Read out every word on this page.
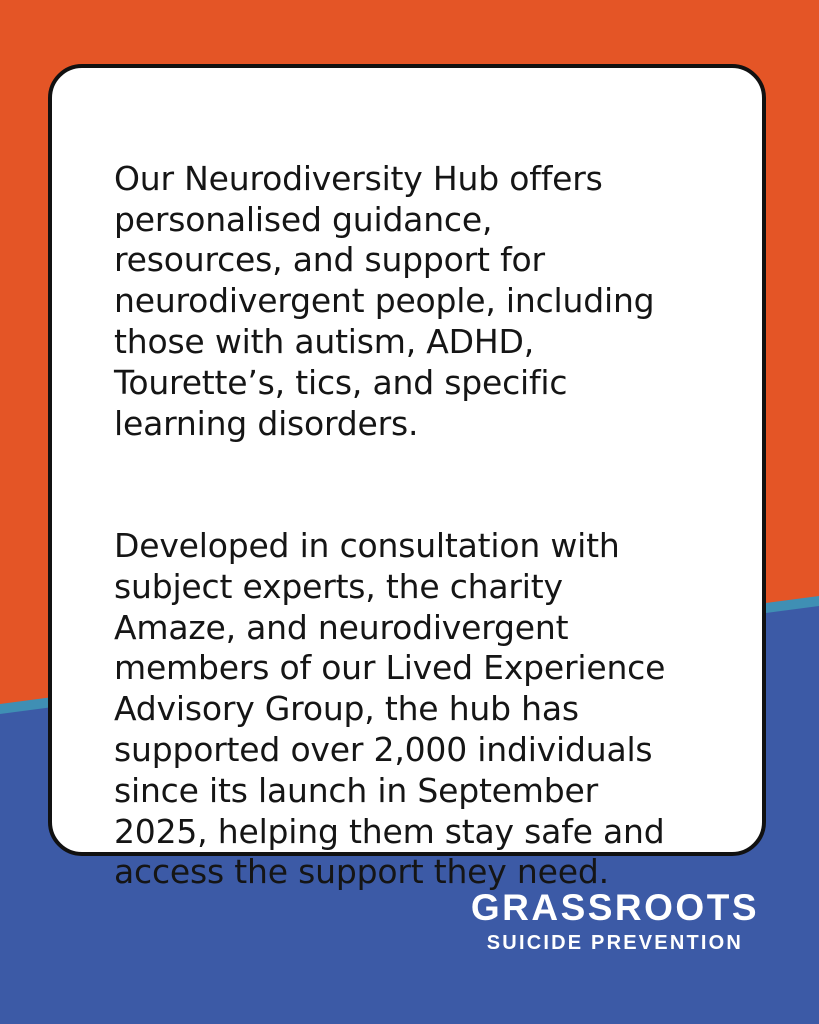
Our Neurodiversity Hub offers
personalised guidance,
resources, and support for
neurodivergent people, including
those with autism, ADHD,
Tourette’s, tics, and specific
learning disorders.

Developed in consultation with
subject experts, the charity
Amaze, and neurodivergent
members of our Lived Experience
Advisory Group, the hub has
supported over 2,000 individuals
since its launch in September
2025, helping them stay safe and
access the support they need.

GRASSROOTS
SUICIDE PREVENTION
